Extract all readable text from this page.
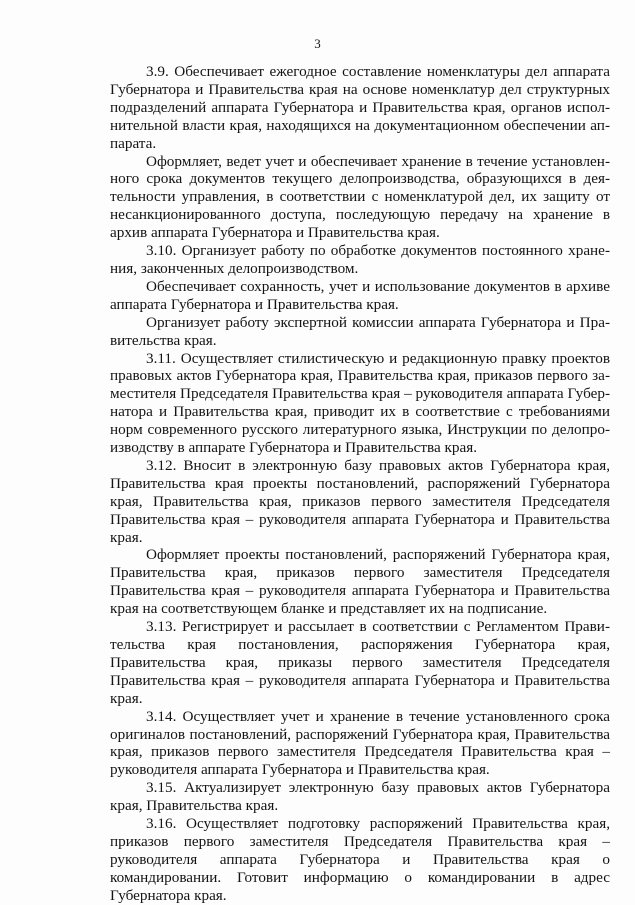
3

3.9. Обеспечивает ежегодное составление номенклатуры дел аппарата Губернатора и Правительства края на основе номенклатур дел структурных подразделений аппарата Губернатора и Правительства края, органов исполнительной власти края, находящихся на документационном обеспечении аппарата.

Оформляет, ведет учет и обеспечивает хранение в течение установленного срока документов текущего делопроизводства, образующихся в деятельности управления, в соответствии с номенклатурой дел, их защиту от несанкционированного доступа, последующую передачу на хранение в архив аппарата Губернатора и Правительства края.

3.10. Организует работу по обработке документов постоянного хранения, законченных делопроизводством.

Обеспечивает сохранность, учет и использование документов в архиве аппарата Губернатора и Правительства края.

Организует работу экспертной комиссии аппарата Губернатора и Правительства края.

3.11. Осуществляет стилистическую и редакционную правку проектов правовых актов Губернатора края, Правительства края, приказов первого заместителя Председателя Правительства края – руководителя аппарата Губернатора и Правительства края, приводит их в соответствие с требованиями норм современного русского литературного языка, Инструкции по делопроизводству в аппарате Губернатора и Правительства края.

3.12. Вносит в электронную базу правовых актов Губернатора края, Правительства края проекты постановлений, распоряжений Губернатора края, Правительства края, приказов первого заместителя Председателя Правительства края – руководителя аппарата Губернатора и Правительства края.

Оформляет проекты постановлений, распоряжений Губернатора края, Правительства края, приказов первого заместителя Председателя Правительства края – руководителя аппарата Губернатора и Правительства края на соответствующем бланке и представляет их на подписание.

3.13. Регистрирует и рассылает в соответствии с Регламентом Правительства края постановления, распоряжения Губернатора края, Правительства края, приказы первого заместителя Председателя Правительства края – руководителя аппарата Губернатора и Правительства края.

3.14. Осуществляет учет и хранение в течение установленного срока оригиналов постановлений, распоряжений Губернатора края, Правительства края, приказов первого заместителя Председателя Правительства края – руководителя аппарата Губернатора и Правительства края.

3.15. Актуализирует электронную базу правовых актов Губернатора края, Правительства края.

3.16. Осуществляет подготовку распоряжений Правительства края, приказов первого заместителя Председателя Правительства края – руководителя аппарата Губернатора и Правительства края о командировании. Готовит информацию о командировании в адрес Губернатора края.
